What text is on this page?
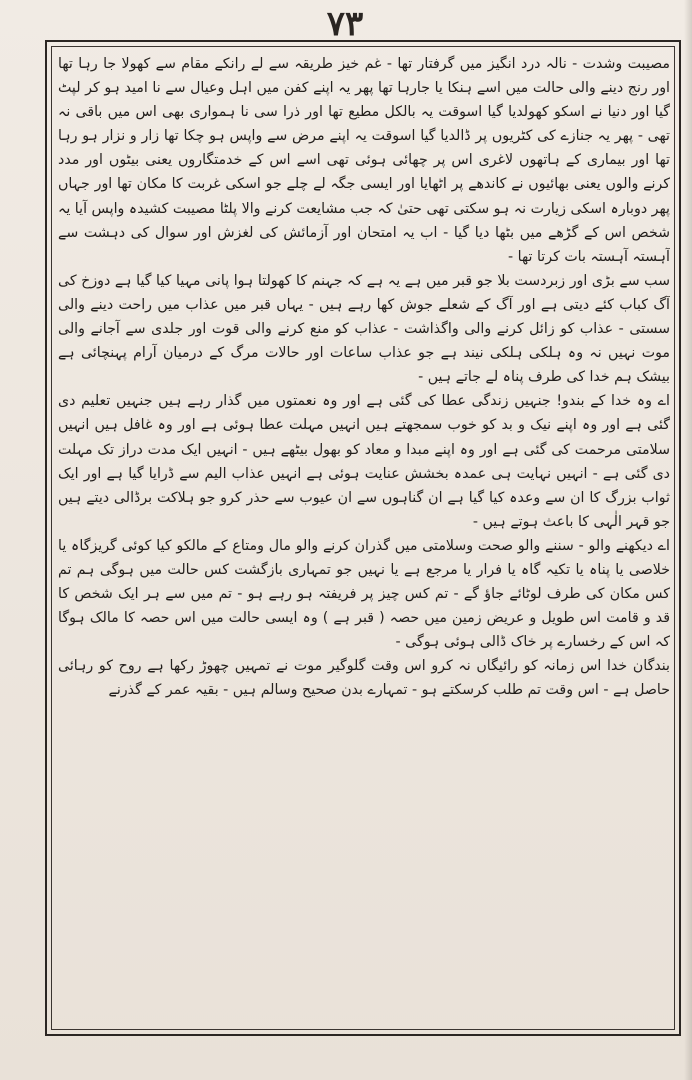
۷۳

مصیبت وشدت - نالہ درد انگیز میں گرفتار تھا - غم خیز طریقہ سے لے رانکے مقام سے کھولا جا رہا تھا اور رنج دینے والی حالت میں اسے ہنکا یا جارہا تھا پھر یہ اپنے کفن میں اہل وعیال سے نا امید ہو کر لپٹ گیا اور دنیا نے اسکو کھولدیا گیا اسوقت یہ بالکل مطیع تھا اور ذرا سی نا ہمواری بھی اس میں باقی نہ تھی - پھر یہ جنازے کی کٹریوں پر ڈالدیا گیا اسوقت یہ اپنے مرض سے واپس ہو چکا تھا زار و نزار ہو رہا تھا اور بیماری کے ہاتھوں لاغری اس پر چھائی ہوئی تھی اسے اس کے خدمتگاروں یعنی بیٹوں اور مدد کرنے والوں یعنی بھائیوں نے کاندھے پر اٹھایا اور ایسی جگہ لے چلے جو اسکی غربت کا مکان تھا اور جہاں پھر دوبارہ اسکی زیارت نہ ہو سکتی تھی حتیٰ کہ جب مشایعت کرنے والا پلٹا مصیبت کشیدہ واپس آیا یہ شخص اس کے گڑھے میں بٹھا دیا گیا - اب یہ امتحان اور آزمائش کی لغزش اور سوال کی دہشت سے آہستہ آہستہ بات کرتا تھا -

سب سے بڑی اور زبردست بلا جو قبر میں ہے یہ ہے کہ جہنم کا کھولتا ہوا پانی مہیا کیا گیا ہے دوزخ کی آگ کباب کئے دیتی ہے اور آگ کے شعلے جوش کھا رہے ہیں - یہاں قبر میں عذاب میں راحت دینے والی سستی - عذاب کو زائل کرنے والی واگذاشت - عذاب کو منع کرنے والی قوت اور جلدی سے آجانے والی موت نہیں نہ وہ ہلکی ہلکی نیند ہے جو عذاب ساعات اور حالات مرگ کے درمیان آرام پہنچائی ہے بیشک ہم خدا کی طرف پناہ لے جاتے ہیں -

اے وہ خدا کے بندو! جنہیں زندگی عطا کی گئی ہے اور وہ نعمتوں میں گذار رہے ہیں جنہیں تعلیم دی گئی ہے اور وہ اپنے نیک و بد کو خوب سمجھتے ہیں انہیں مہلت عطا ہوئی ہے اور وہ غافل ہیں انہیں سلامتی مرحمت کی گئی ہے اور وہ اپنے مبدا و معاد کو بھول بیٹھے ہیں - انہیں ایک مدت دراز تک مہلت دی گئی ہے - انہیں نہایت ہی عمدہ بخشش عنایت ہوئی ہے انہیں عذاب الیم سے ڈرایا گیا ہے اور ایک ثواب بزرگ کا ان سے وعدہ کیا گیا ہے ان گناہوں سے ان عیوب سے حذر کرو جو ہلاکت برڈالی دیتے ہیں جو قہر الٰہی کا باعث ہوتے ہیں -

اے دیکھنے والو - سننے والو صحت وسلامتی میں گذران کرنے والو مال ومتاع کے مالکو کیا کوئی گریزگاہ یا خلاصی یا پناہ یا تکیہ گاہ یا فرار یا مرجع ہے یا نہیں جو تمہاری بازگشت کس حالت میں ہوگی ہم تم کس مکان کی طرف لوٹائے جاؤ گے - تم کس چیز پر فریفتہ ہو رہے ہو - تم میں سے ہر ایک شخص کا قد و قامت اس طویل و عریض زمین میں حصہ ( قبر ہے ) وہ ایسی حالت میں اس حصہ کا مالک ہوگا کہ اس کے رخسارے پر خاک ڈالی ہوئی ہوگی -

بندگان خدا اس زمانہ کو رائیگاں نہ کرو اس وقت گلوگیر موت نے تمہیں چھوڑ رکھا ہے روح کو رہائی حاصل ہے - اس وقت تم طلب کرسکتے ہو - تمہارے بدن صحیح وسالم ہیں - بقیہ عمر کے گذرنے
